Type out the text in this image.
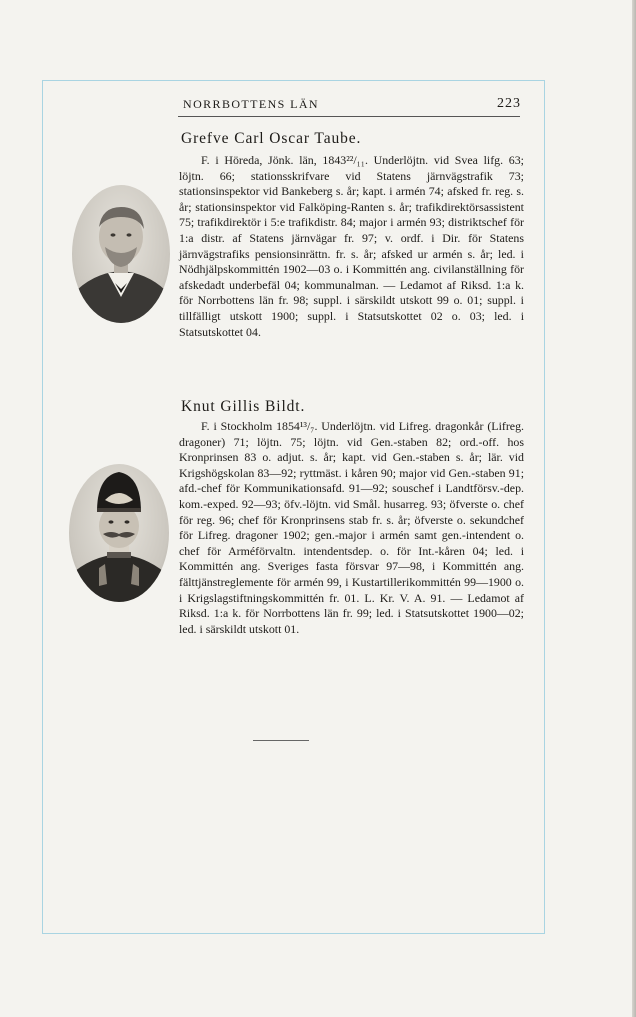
NORRBOTTENS LÄN	223
Grefve Carl Oscar Taube.

F. i Höreda, Jönk. län, 1843²²/₁₁. Underlöjtn. vid Svea lifg. 63; löjtn. 66; stationsskrifvare vid Statens järnvägstrafik 73; stationsinspektor vid Bankeberg s. år; kapt. i armén 74; afsked fr. reg. s. år; stationsinspektor vid Falköping-Ranten s. år; trafikdirektörsassistent 75; trafikdirektör i 5:e trafikdistr. 84; major i armén 93; distriktschef för 1:a distr. af Statens järnvägar fr. 97; v. ordf. i Dir. för Statens järnvägstrafiks pensionsinrättn. fr. s. år; afsked ur armén s. år; led. i Nödhjälpskommittén 1902—03 o. i Kommittén ang. civilanställning för afskedadt underbefäl 04; kommunalman. — Ledamot af Riksd. 1:a k. för Norrbottens län fr. 98; suppl. i särskildt utskott 99 o. 01; suppl. i tillfälligt utskott 1900; suppl. i Statsutskottet 02 o. 03; led. i Statsutskottet 04.

Knut Gillis Bildt.

F. i Stockholm 1854¹³/₇. Underlöjtn. vid Lifreg. dragonkår (Lifreg. dragoner) 71; löjtn. 75; löjtn. vid Gen.-staben 82; ord.-off. hos Kronprinsen 83 o. adjut. s. år; kapt. vid Gen.-staben s. år; lär. vid Krigshögskolan 83—92; ryttmäst. i kåren 90; major vid Gen.-staben 91; afd.-chef för Kommunikationsafd. 91—92; souschef i Landtförsv.-dep. kom.-exped. 92—93; öfv.-löjtn. vid Smål. husarreg. 93; öfverste o. chef för reg. 96; chef för Kronprinsens stab fr. s. år; öfverste o. sekundchef för Lifreg. dragoner 1902; gen.-major i armén samt gen.-intendent o. chef för Arméförvaltn. intendentsdep. o. för Int.-kåren 04; led. i Kommittén ang. Sveriges fasta försvar 97—98, i Kommittén ang. fälttjänstreglemente för armén 99, i Kustartillerikommittén 99—1900 o. i Krigslagstiftningskommittén fr. 01. L. Kr. V. A. 91. — Ledamot af Riksd. 1:a k. för Norrbottens län fr. 99; led. i Statsutskottet 1900—02; led. i särskildt utskott 01.
